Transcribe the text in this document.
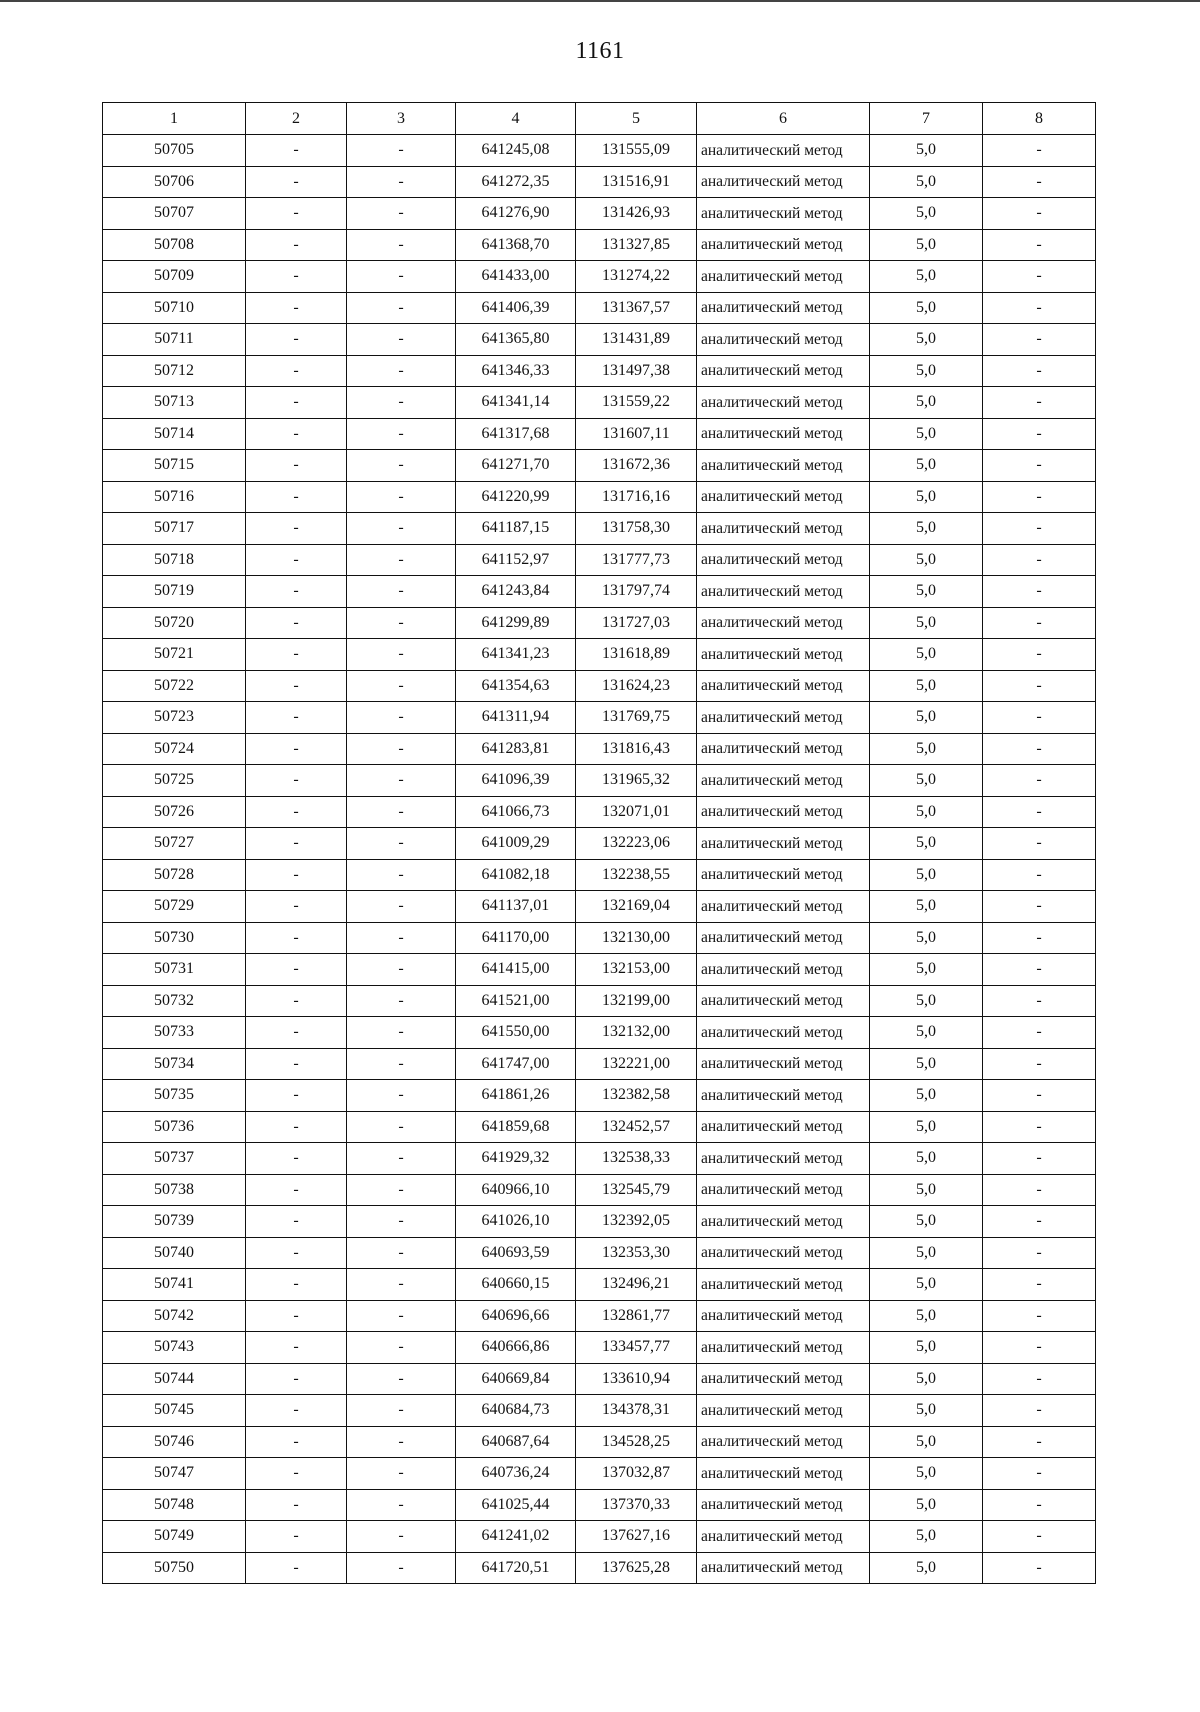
1161
1	2	3	4	5	6	7	8
50705	-	-	641245,08	131555,09	аналитический метод	5,0	-
50706	-	-	641272,35	131516,91	аналитический метод	5,0	-
50707	-	-	641276,90	131426,93	аналитический метод	5,0	-
50708	-	-	641368,70	131327,85	аналитический метод	5,0	-
50709	-	-	641433,00	131274,22	аналитический метод	5,0	-
50710	-	-	641406,39	131367,57	аналитический метод	5,0	-
50711	-	-	641365,80	131431,89	аналитический метод	5,0	-
50712	-	-	641346,33	131497,38	аналитический метод	5,0	-
50713	-	-	641341,14	131559,22	аналитический метод	5,0	-
50714	-	-	641317,68	131607,11	аналитический метод	5,0	-
50715	-	-	641271,70	131672,36	аналитический метод	5,0	-
50716	-	-	641220,99	131716,16	аналитический метод	5,0	-
50717	-	-	641187,15	131758,30	аналитический метод	5,0	-
50718	-	-	641152,97	131777,73	аналитический метод	5,0	-
50719	-	-	641243,84	131797,74	аналитический метод	5,0	-
50720	-	-	641299,89	131727,03	аналитический метод	5,0	-
50721	-	-	641341,23	131618,89	аналитический метод	5,0	-
50722	-	-	641354,63	131624,23	аналитический метод	5,0	-
50723	-	-	641311,94	131769,75	аналитический метод	5,0	-
50724	-	-	641283,81	131816,43	аналитический метод	5,0	-
50725	-	-	641096,39	131965,32	аналитический метод	5,0	-
50726	-	-	641066,73	132071,01	аналитический метод	5,0	-
50727	-	-	641009,29	132223,06	аналитический метод	5,0	-
50728	-	-	641082,18	132238,55	аналитический метод	5,0	-
50729	-	-	641137,01	132169,04	аналитический метод	5,0	-
50730	-	-	641170,00	132130,00	аналитический метод	5,0	-
50731	-	-	641415,00	132153,00	аналитический метод	5,0	-
50732	-	-	641521,00	132199,00	аналитический метод	5,0	-
50733	-	-	641550,00	132132,00	аналитический метод	5,0	-
50734	-	-	641747,00	132221,00	аналитический метод	5,0	-
50735	-	-	641861,26	132382,58	аналитический метод	5,0	-
50736	-	-	641859,68	132452,57	аналитический метод	5,0	-
50737	-	-	641929,32	132538,33	аналитический метод	5,0	-
50738	-	-	640966,10	132545,79	аналитический метод	5,0	-
50739	-	-	641026,10	132392,05	аналитический метод	5,0	-
50740	-	-	640693,59	132353,30	аналитический метод	5,0	-
50741	-	-	640660,15	132496,21	аналитический метод	5,0	-
50742	-	-	640696,66	132861,77	аналитический метод	5,0	-
50743	-	-	640666,86	133457,77	аналитический метод	5,0	-
50744	-	-	640669,84	133610,94	аналитический метод	5,0	-
50745	-	-	640684,73	134378,31	аналитический метод	5,0	-
50746	-	-	640687,64	134528,25	аналитический метод	5,0	-
50747	-	-	640736,24	137032,87	аналитический метод	5,0	-
50748	-	-	641025,44	137370,33	аналитический метод	5,0	-
50749	-	-	641241,02	137627,16	аналитический метод	5,0	-
50750	-	-	641720,51	137625,28	аналитический метод	5,0	-
